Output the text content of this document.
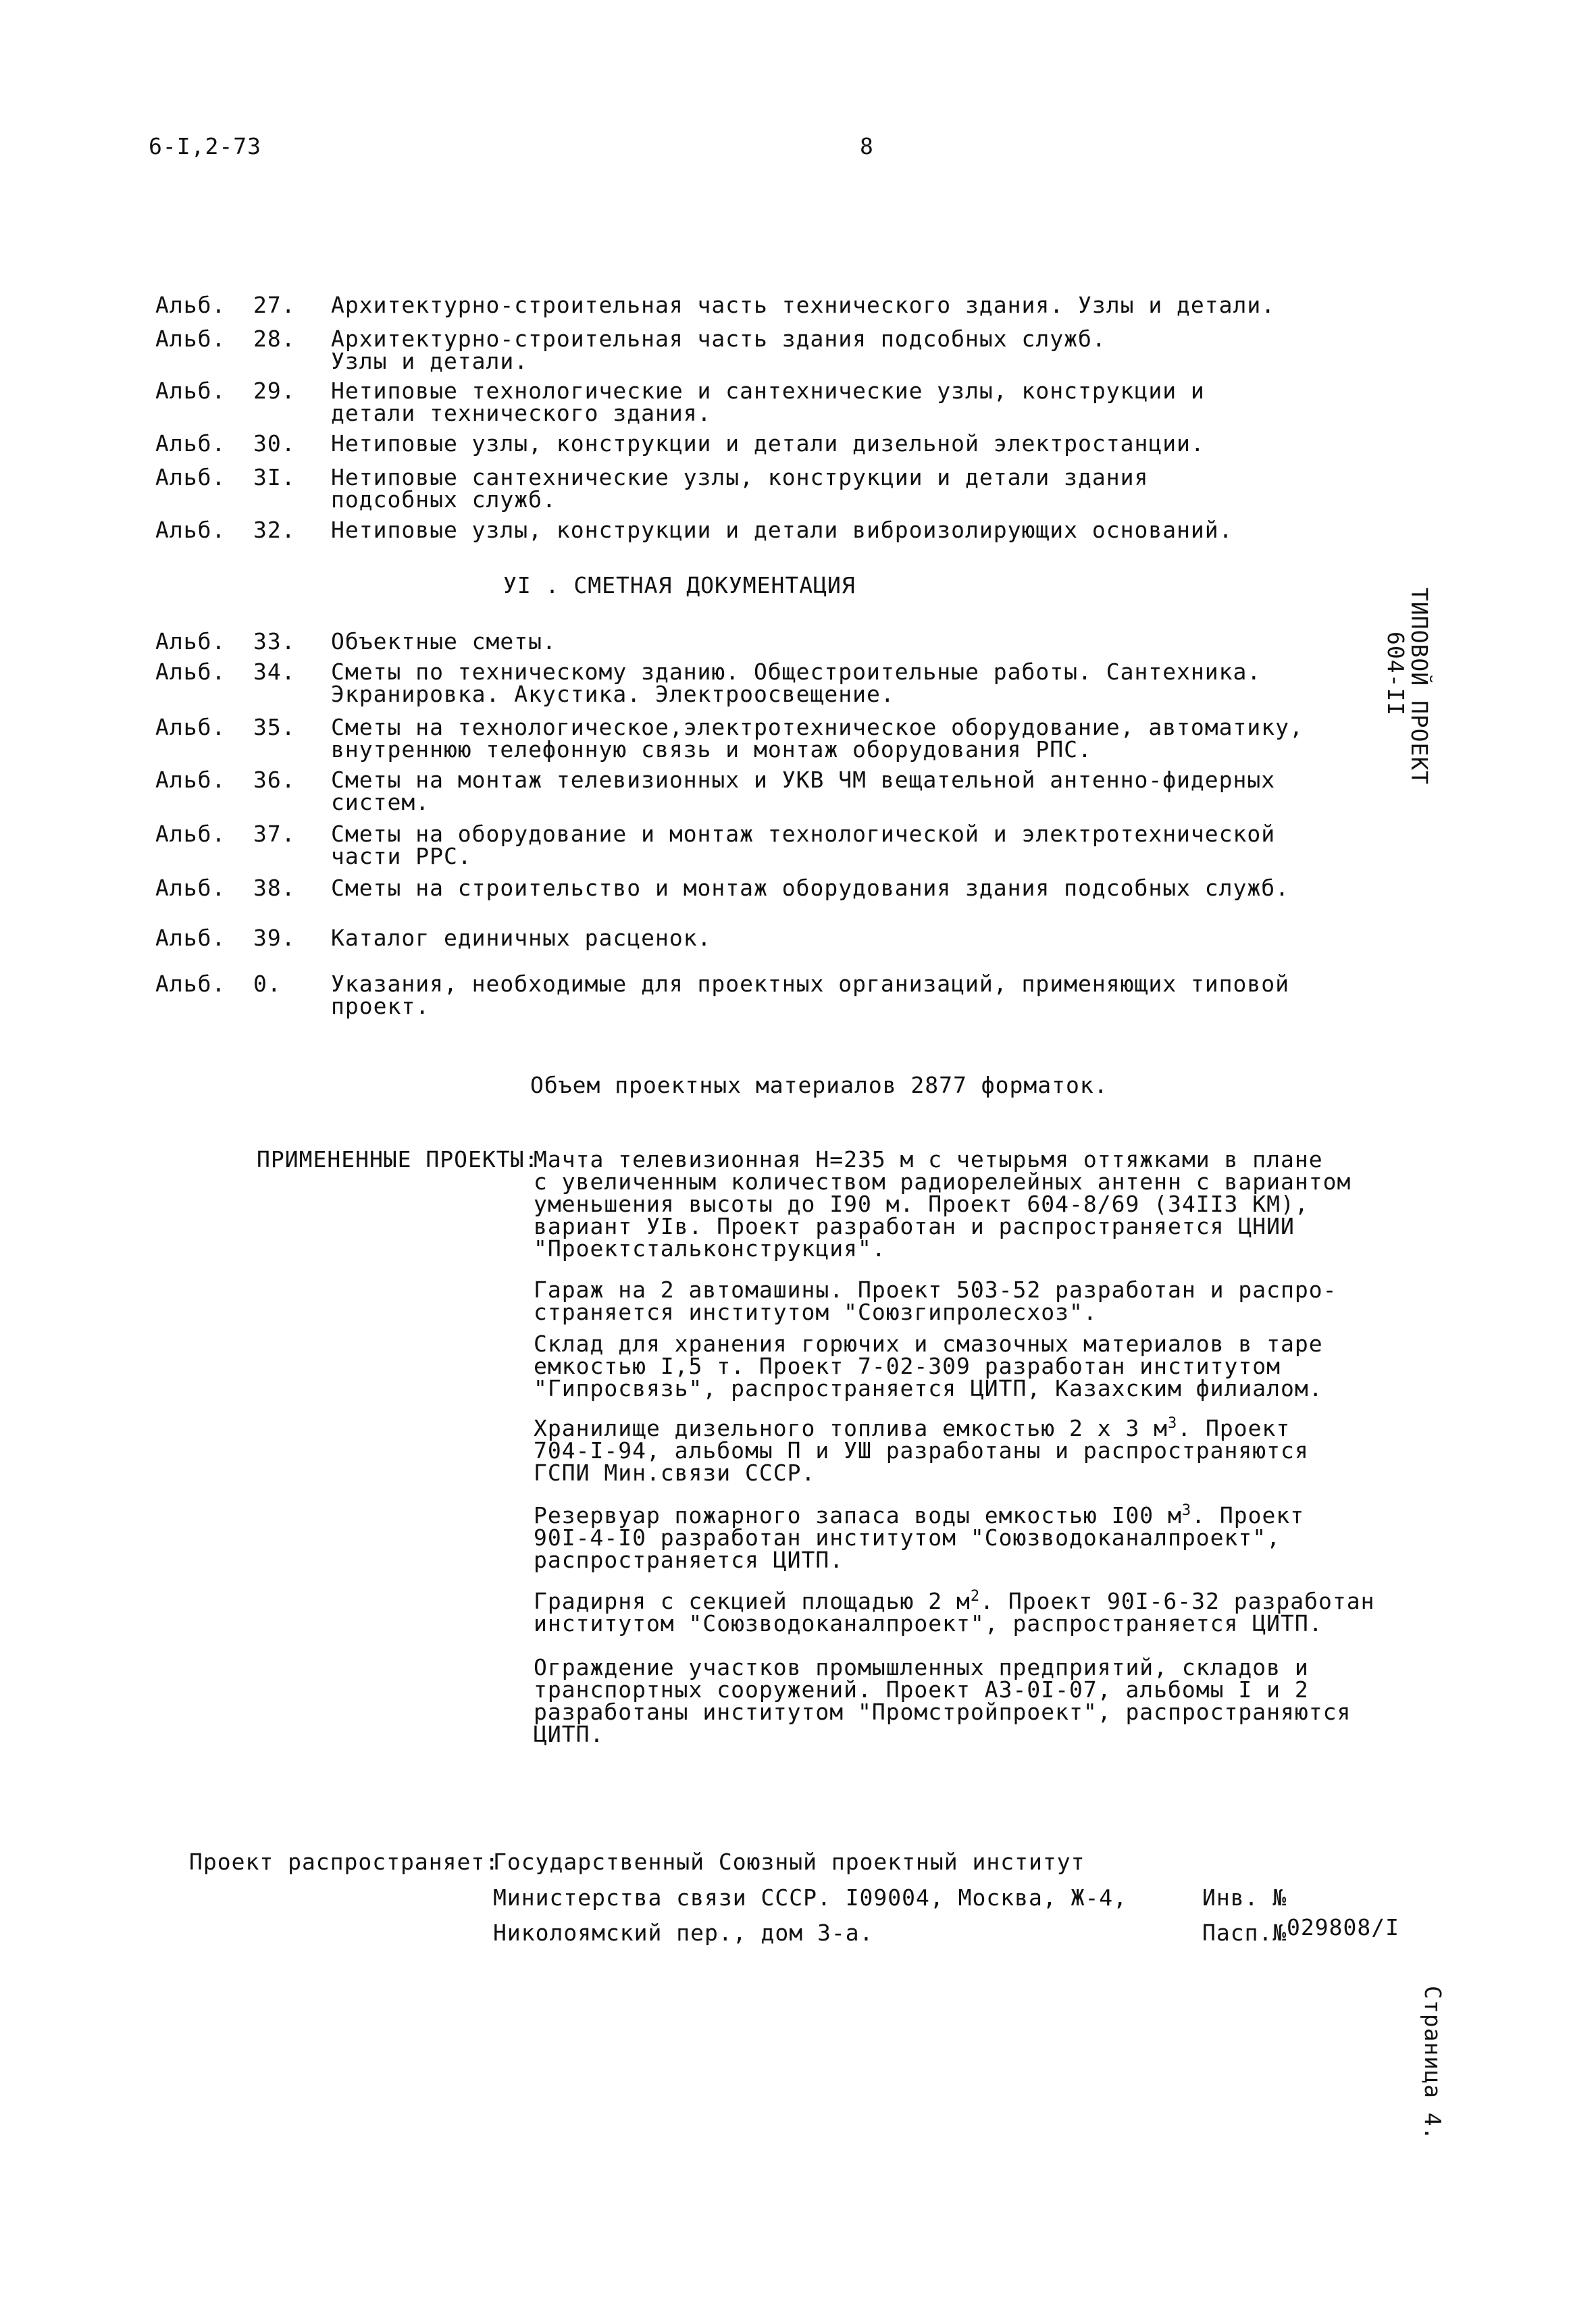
6-I,2-73	8
ТИПОВОЙ ПРОЕКТ
604-II
Альб. 27. Архитектурно-строительная часть технического здания. Узлы и детали.
Альб. 28. Архитектурно-строительная часть здания подсобных служб.
Узлы и детали.
Альб. 29. Нетиповые технологические и сантехнические узлы, конструкции и
детали технического здания.
Альб. 30. Нетиповые узлы, конструкции и детали дизельной электростанции.
Альб. 3I. Нетиповые сантехнические узлы, конструкции и детали здания
подсобных служб.
Альб. 32. Нетиповые узлы, конструкции и детали виброизолирующих оснований.
УI . СМЕТНАЯ ДОКУМЕНТАЦИЯ
Альб. 33. Объектные сметы.
Альб. 34. Сметы по техническому зданию. Общестроительные работы. Сантехника.
Экранировка. Акустика. Электроосвещение.
Альб. 35. Сметы на технологическое,электротехническое оборудование, автоматику,
внутреннюю телефонную связь и монтаж оборудования РПС.
Альб. 36. Сметы на монтаж телевизионных и УКВ ЧМ вещательной антенно-фидерных
систем.
Альб. 37. Сметы на оборудование и монтаж технологической и электротехнической
части РРС.
Альб. 38. Сметы на строительство и монтаж оборудования здания подсобных служб.
Альб. 39. Каталог единичных расценок.
Альб. 0. Указания, необходимые для проектных организаций, применяющих типовой
проект.
Объем проектных материалов 2877 форматок.
ПРИМЕНЕННЫЕ ПРОЕКТЫ:
Мачта телевизионная Н=235 м с четырьмя оттяжками в плане
с увеличенным количеством радиорелейных антенн с вариантом
уменьшения высоты до I90 м. Проект 604-8/69 (34II3 КМ),
вариант УIв. Проект разработан и распространяется ЦНИИ
"Проектстальконструкция".
Гараж на 2 автомашины. Проект 503-52 разработан и распро-
страняется институтом "Союзгипролесхоз".
Склад для хранения горючих и смазочных материалов в таре
емкостью I,5 т. Проект 7-02-309 разработан институтом
"Гипросвязь", распространяется ЦИТП, Казахским филиалом.
Хранилище дизельного топлива емкостью 2 х 3 $м^3$. Проект
704-I-94, альбомы П и УШ разработаны и распространяются
ГСПИ Мин.связи СССР.
Резервуар пожарного запаса воды емкостью I00 $м^3$. Проект
90I-4-I0 разработан институтом "Союзводоканалпроект",
распространяется ЦИТП.
Градирня с секцией площадью 2 $м^2$. Проект 90I-6-32 разработан
институтом "Союзводоканалпроект", распространяется ЦИТП.
Ограждение участков промышленных предприятий, складов и
транспортных сооружений. Проект АЗ-0I-07, альбомы I и 2
разработаны институтом "Промстройпроект", распространяются
ЦИТП.
Проект распространяет:
Государственный Союзный проектный институт
Министерства связи СССР. I09004, Москва, Ж-4,
Николоямский пер., дом 3-а.
Инв. №
Пасп.№ 029808/I
Страница 4.
